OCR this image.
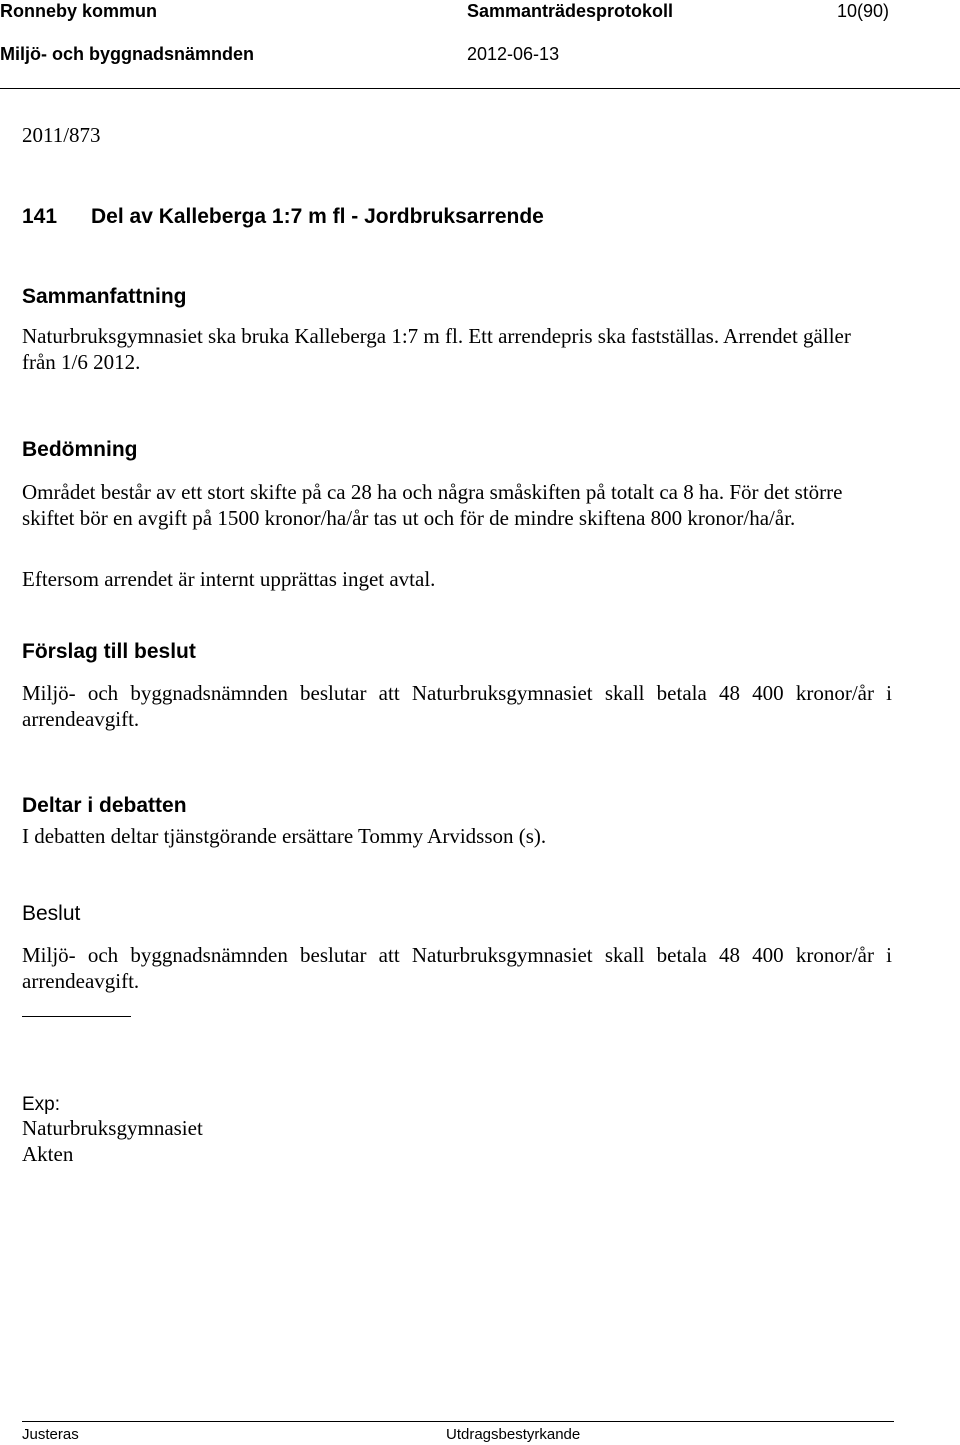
Ronneby kommun	Sammanträdesprotokoll	10(90)
Miljö- och byggnadsnämnden	2012-06-13
2011/873
141 Del av Kalleberga 1:7 m fl - Jordbruksarrende
Sammanfattning
Naturbruksgymnasiet ska bruka Kalleberga 1:7 m fl. Ett arrendepris ska fastställas. Arrendet gäller från 1/6 2012.
Bedömning
Området består av ett stort skifte på ca 28 ha och några småskiften på totalt ca 8 ha. För det större skiftet bör en avgift på 1500 kronor/ha/år tas ut och för de mindre skiftena 800 kronor/ha/år.
Eftersom arrendet är internt upprättas inget avtal.
Förslag till beslut
Miljö- och byggnadsnämnden beslutar att Naturbruksgymnasiet skall betala 48 400 kronor/år i arrendeavgift.
Deltar i debatten
I debatten deltar tjänstgörande ersättare Tommy Arvidsson (s).
Beslut
Miljö- och byggnadsnämnden beslutar att Naturbruksgymnasiet skall betala 48 400 kronor/år i arrendeavgift.
Exp:
Naturbruksgymnasiet
Akten
Justeras	Utdragsbestyrkande
